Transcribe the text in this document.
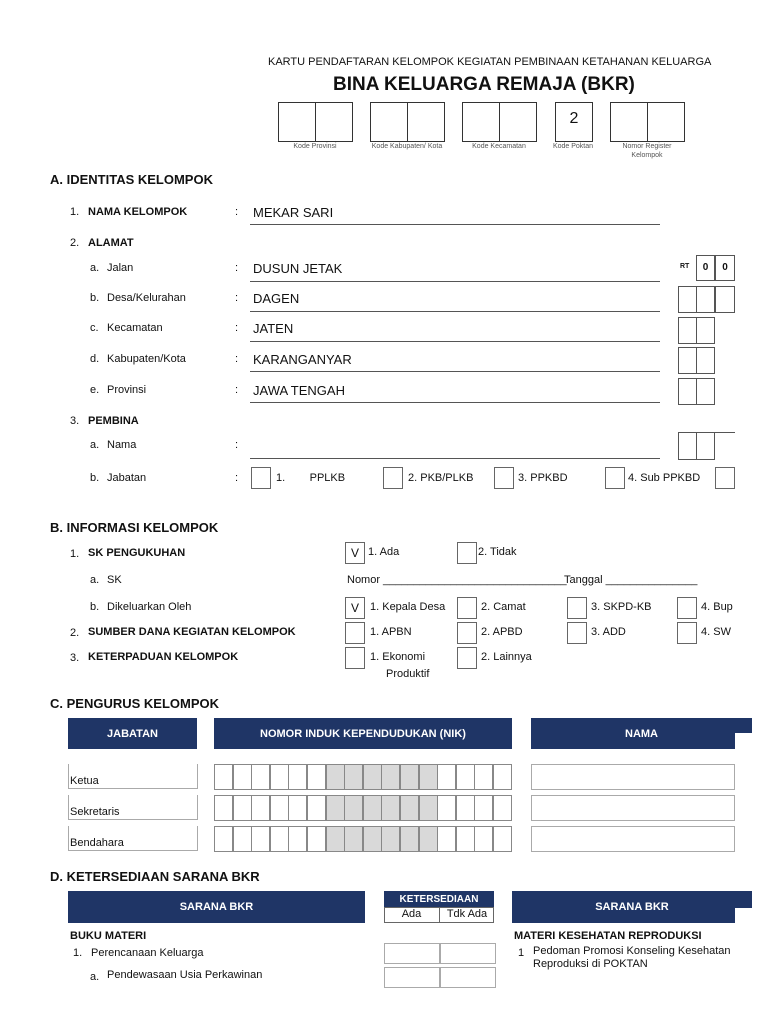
KARTU PENDAFTARAN KELOMPOK KEGIATAN PEMBINAAN KETAHANAN KELUARGA
BINA KELUARGA REMAJA (BKR)
Kode Provinsi	Kode Kabupaten/ Kota	Kode Kecamatan
2
Kode Poktan	Nomor Register Kelompok
A. IDENTITAS KELOMPOK
1. NAMA KELOMPOK	: MEKAR SARI
2. ALAMAT
a. Jalan	: DUSUN JETAK
b. Desa/Kelurahan	: DAGEN
c. Kecamatan	: JATEN
d. Kabupaten/Kota	: KARANGANYAR
e. Provinsi	: JAWA TENGAH
RT	0	0
3. PEMBINA
a. Nama	:
b. Jabatan	:	1.        PPLKB	2. PKB/PLKB	3. PPKBD	4. Sub PPKBD
B. INFORMASI KELOMPOK
1. SK PENGUKUHAN	V 1. Ada	2. Tidak
a. SK	Nomor ______________________________
Tanggal _______________
b. Dikeluarkan Oleh	V	1. Kepala Desa	2. Camat	3. SKPD-KB	4. Bup
2. SUMBER DANA KEGIATAN KELOMPOK	1. APBN	2. APBD	3. ADD	4. SW
3. KETERPADUAN KELOMPOK	1. Ekonomi
Produktif
2. Lainnya
C. PENGURUS KELOMPOK
JABATAN	NOMOR INDUK KEPENDUDUKAN (NIK)	NAMA
Ketua
Sekretaris
Bendahara
D. KETERSEDIAAN SARANA BKR
SARANA BKR
KETERSEDIAAN
Ada	Tdk Ada
SARANA BKR
BUKU MATERI
1. Perencanaan Keluarga
a. Pendewasaan Usia Perkawinan
MATERI KESEHATAN REPRODUKSI
1 Pedoman Promosi Konseling Kesehatan
Reproduksi di POKTAN
